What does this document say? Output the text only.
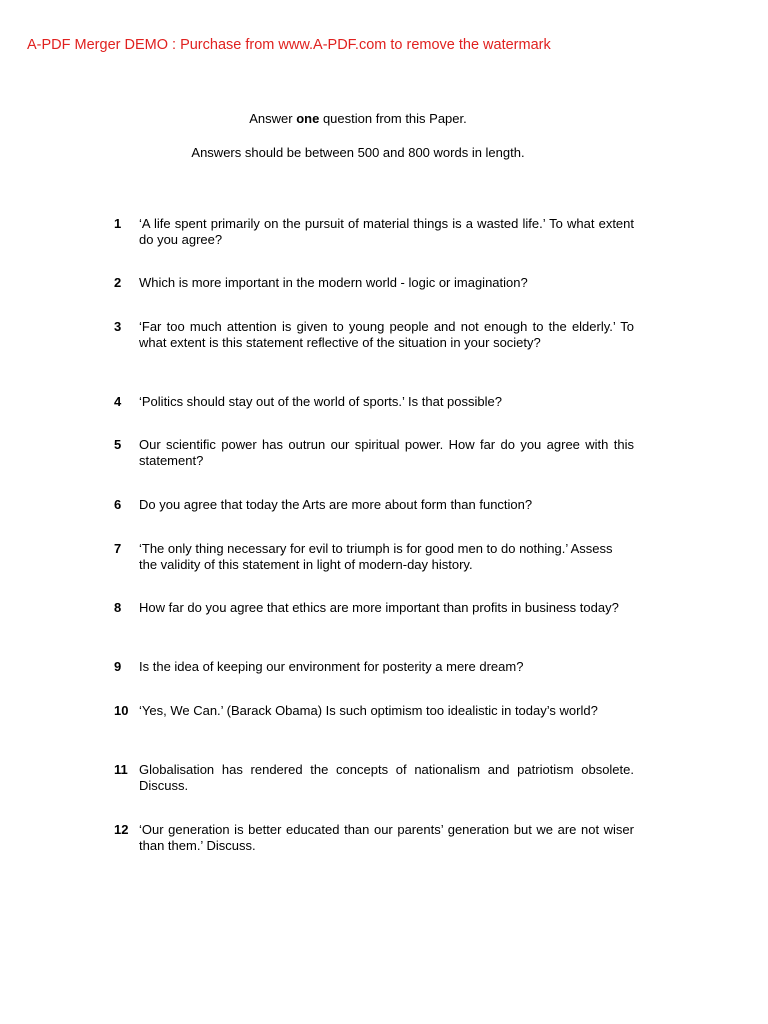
A-PDF Merger DEMO : Purchase from www.A-PDF.com to remove the watermark

Answer one question from this Paper.

Answers should be between 500 and 800 words in length.

1 ‘A life spent primarily on the pursuit of material things is a wasted life.’ To what extent do you agree?

2 Which is more important in the modern world - logic or imagination?

3 ‘Far too much attention is given to young people and not enough to the elderly.’ To what extent is this statement reflective of the situation in your society?

4 ‘Politics should stay out of the world of sports.’ Is that possible?

5 Our scientific power has outrun our spiritual power. How far do you agree with this statement?

6 Do you agree that today the Arts are more about form than function?

7 ‘The only thing necessary for evil to triumph is for good men to do nothing.’ Assess the validity of this statement in light of modern-day history.

8 How far do you agree that ethics are more important than profits in business today?

9 Is the idea of keeping our environment for posterity a mere dream?

10 ‘Yes, We Can.’ (Barack Obama) Is such optimism too idealistic in today’s world?

11 Globalisation has rendered the concepts of nationalism and patriotism obsolete. Discuss.

12 ‘Our generation is better educated than our parents’ generation but we are not wiser than them.’ Discuss.
